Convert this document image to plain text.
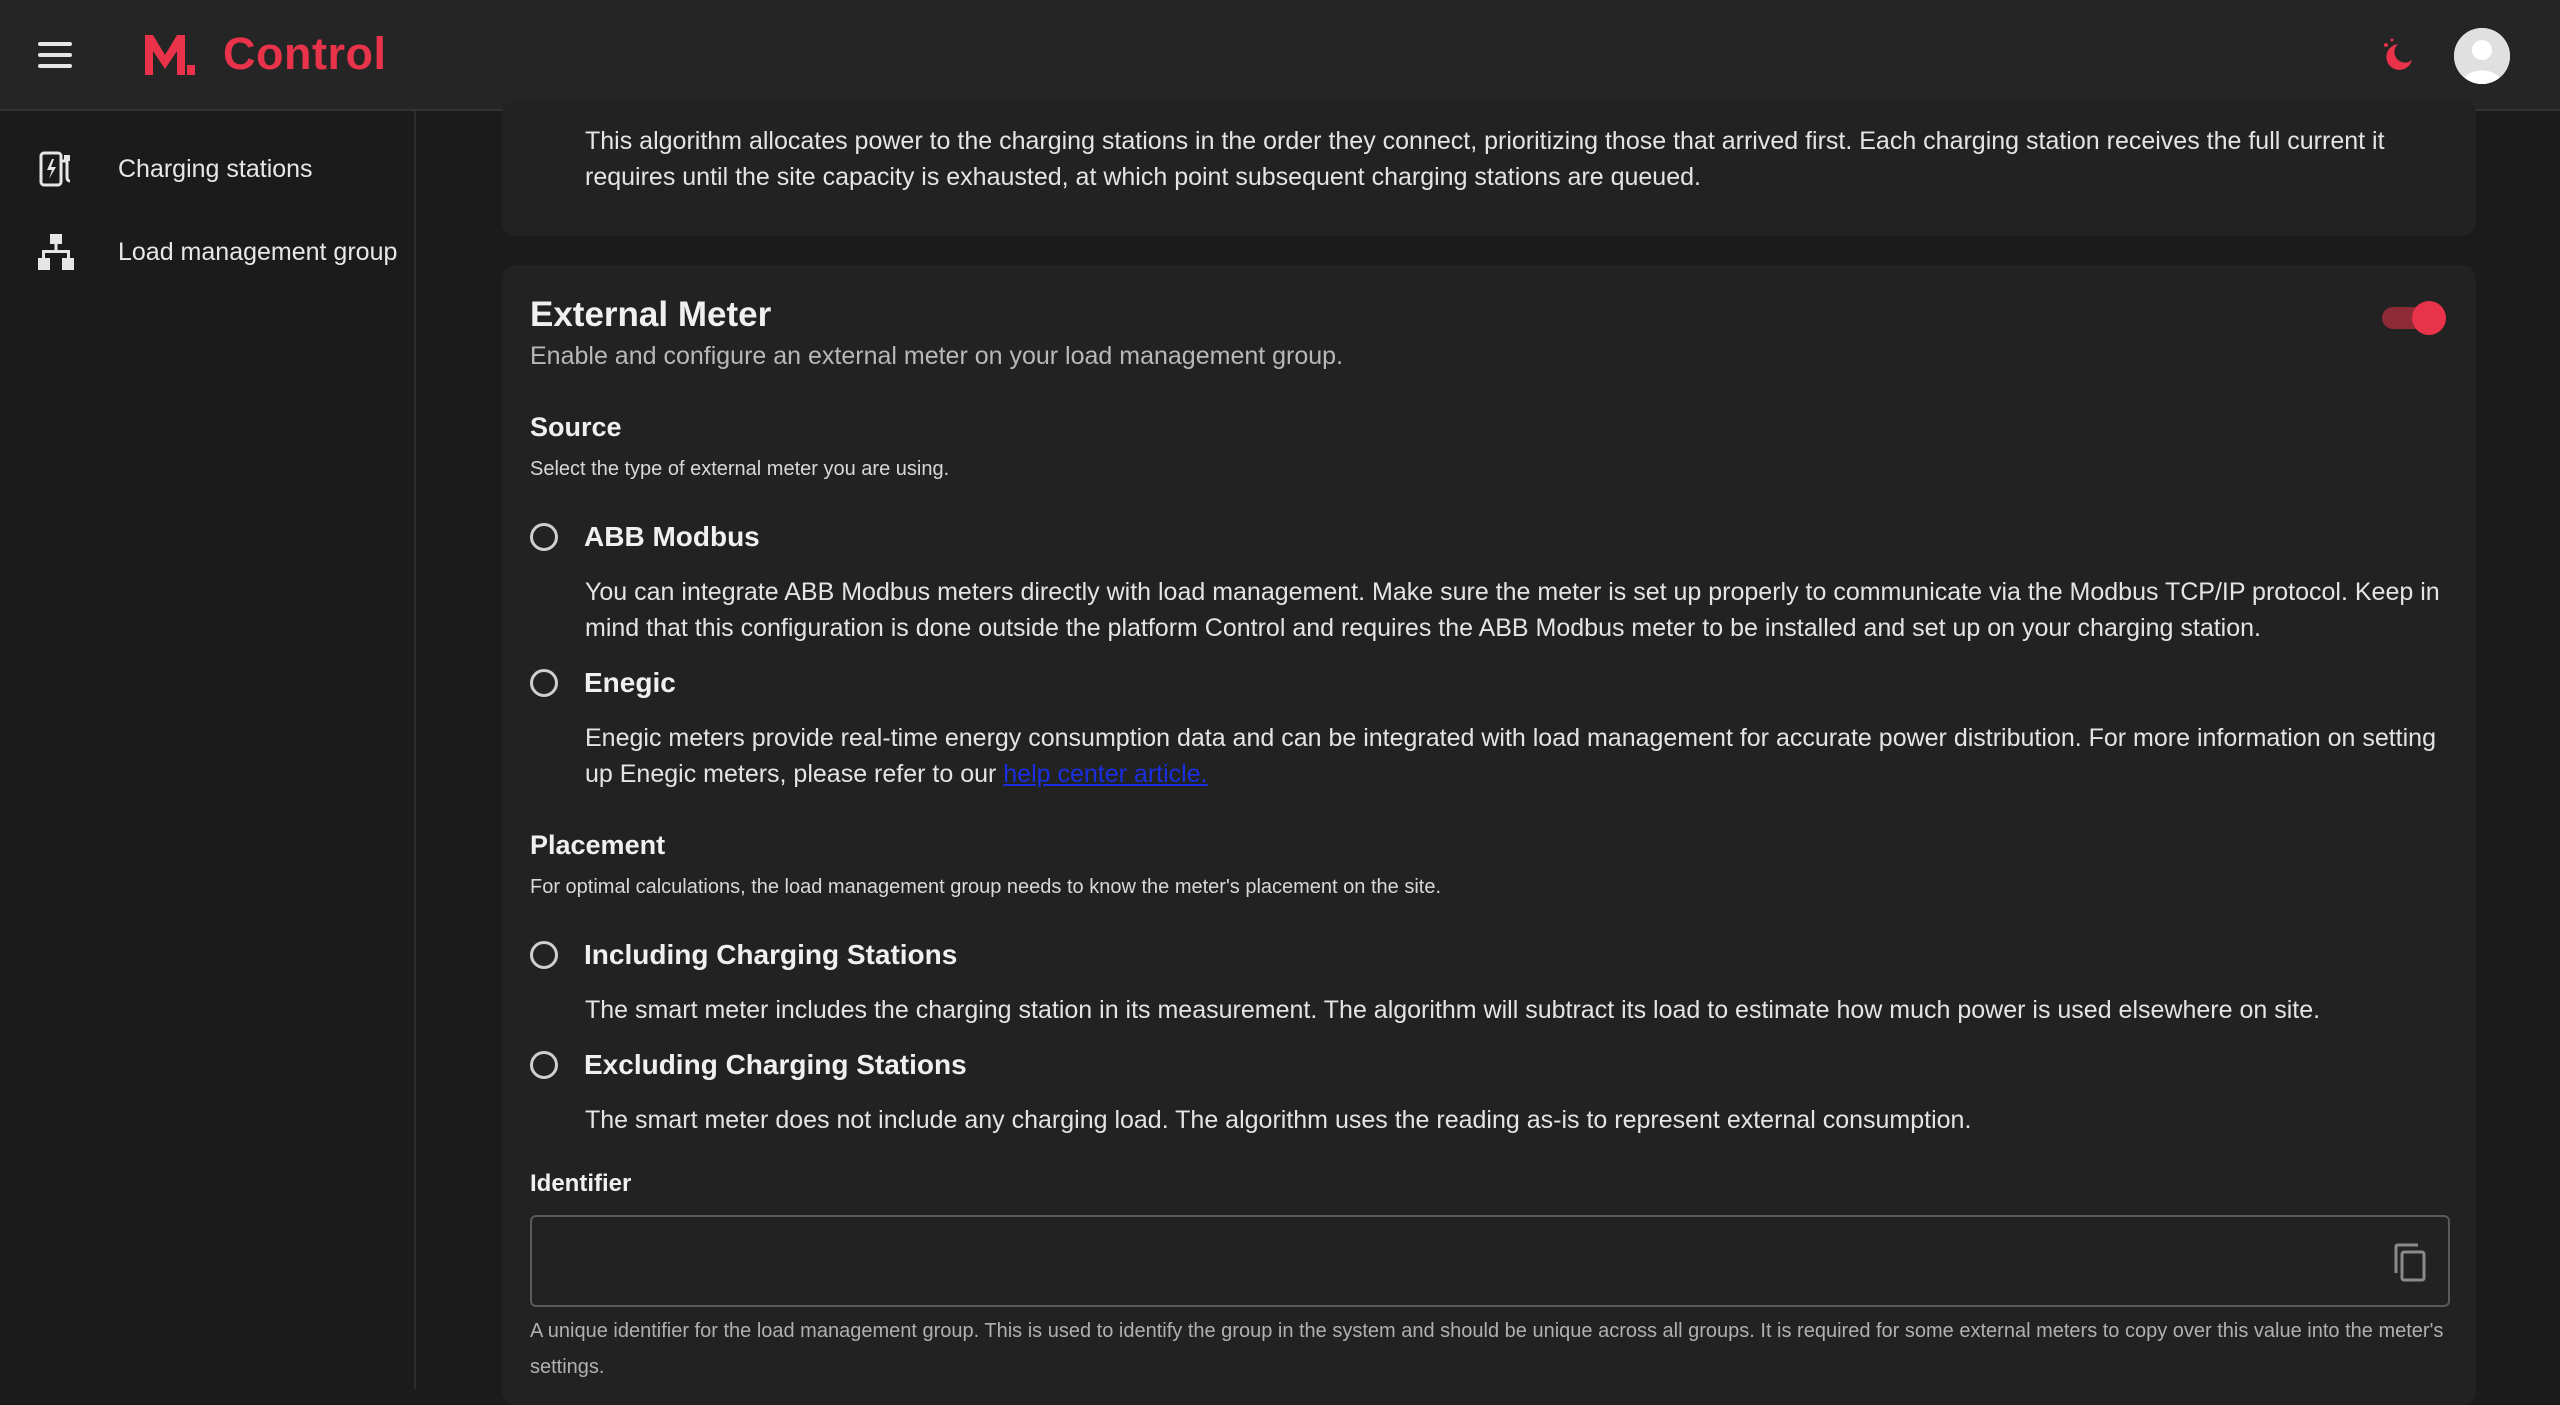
Control
Charging stations
Load management group
This algorithm allocates power to the charging stations in the order they connect, prioritizing those that arrived first. Each charging station receives the full current it requires until the site capacity is exhausted, at which point subsequent charging stations are queued.
External Meter
Enable and configure an external meter on your load management group.
Source
Select the type of external meter you are using.
ABB Modbus
You can integrate ABB Modbus meters directly with load management. Make sure the meter is set up properly to communicate via the Modbus TCP/IP protocol. Keep in mind that this configuration is done outside the platform Control and requires the ABB Modbus meter to be installed and set up on your charging station.
Enegic
Enegic meters provide real-time energy consumption data and can be integrated with load management for accurate power distribution. For more information on setting up Enegic meters, please refer to our help center article.
Placement
For optimal calculations, the load management group needs to know the meter's placement on the site.
Including Charging Stations
The smart meter includes the charging station in its measurement. The algorithm will subtract its load to estimate how much power is used elsewhere on site.
Excluding Charging Stations
The smart meter does not include any charging load. The algorithm uses the reading as-is to represent external consumption.
Identifier
A unique identifier for the load management group. This is used to identify the group in the system and should be unique across all groups. It is required for some external meters to copy over this value into the meter's settings.
